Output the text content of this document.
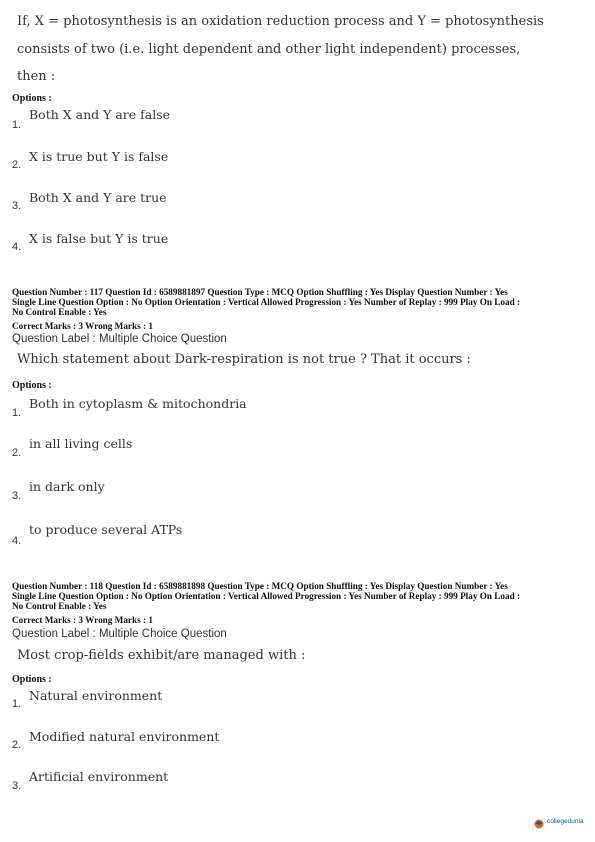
If, X = photosynthesis is an oxidation reduction process and Y = photosynthesis
consists of two (i.e. light dependent and other light independent) processes,
then :
Options :
1.
Both X and Y are false
2.
X is true but Y is false
3.
Both X and Y are true
4.
X is false but Y is true
Question Number : 117 Question Id : 6589881897 Question Type : MCQ Option Shuffling : Yes Display Question Number : Yes
Single Line Question Option : No Option Orientation : Vertical Allowed Progression : Yes Number of Replay : 999 Play On Load :
No Control Enable : Yes
Correct Marks : 3 Wrong Marks : 1
Question Label : Multiple Choice Question
Which statement about Dark-respiration is not true ? That it occurs :
Options :
1.
Both in cytoplasm & mitochondria
2.
in all living cells
3.
in dark only
4.
to produce several ATPs
Question Number : 118 Question Id : 6589881898 Question Type : MCQ Option Shuffling : Yes Display Question Number : Yes
Single Line Question Option : No Option Orientation : Vertical Allowed Progression : Yes Number of Replay : 999 Play On Load :
No Control Enable : Yes
Correct Marks : 3 Wrong Marks : 1
Question Label : Multiple Choice Question
Most crop-fields exhibit/are managed with :
Options :
1.
Natural environment
2.
Modified natural environment
3.
Artificial environment
collegedunia
